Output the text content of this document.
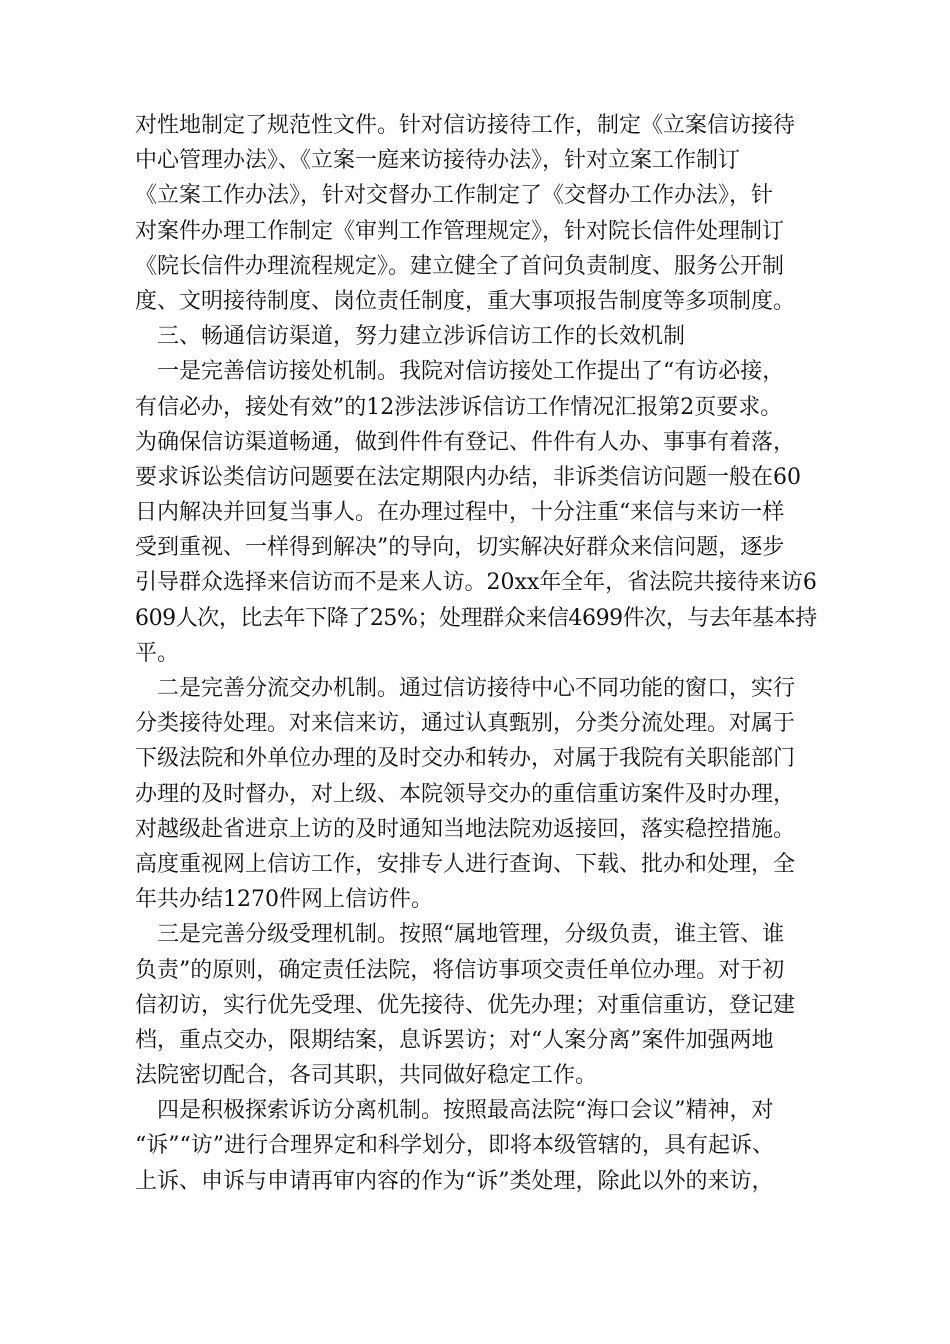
对性地制定了规范性文件。针对信访接待工作，制定《立案信访接待
中心管理办法》、《立案一庭来访接待办法》，针对立案工作制订
《立案工作办法》，针对交督办工作制定了《交督办工作办法》，针
对案件办理工作制定《审判工作管理规定》，针对院长信件处理制订
《院长信件办理流程规定》。建立健全了首问负责制度、服务公开制
度、文明接待制度、岗位责任制度，重大事项报告制度等多项制度。
三、畅通信访渠道，努力建立涉诉信访工作的长效机制
一是完善信访接处机制。我院对信访接处工作提出了“有访必接，
有信必办，接处有效”的12涉法涉诉信访工作情况汇报第2页要求。
为确保信访渠道畅通，做到件件有登记、件件有人办、事事有着落，
要求诉讼类信访问题要在法定期限内办结，非诉类信访问题一般在60
日内解决并回复当事人。在办理过程中，十分注重“来信与来访一样
受到重视、一样得到解决”的导向，切实解决好群众来信问题，逐步
引导群众选择来信访而不是来人访。20xx年全年，省法院共接待来访6
609人次，比去年下降了25%；处理群众来信4699件次，与去年基本持
平。
二是完善分流交办机制。通过信访接待中心不同功能的窗口，实行
分类接待处理。对来信来访，通过认真甄别，分类分流处理。对属于
下级法院和外单位办理的及时交办和转办，对属于我院有关职能部门
办理的及时督办，对上级、本院领导交办的重信重访案件及时办理，
对越级赴省进京上访的及时通知当地法院劝返接回，落实稳控措施。
高度重视网上信访工作，安排专人进行查询、下载、批办和处理，全
年共办结1270件网上信访件。
三是完善分级受理机制。按照“属地管理，分级负责，谁主管、谁
负责”的原则，确定责任法院，将信访事项交责任单位办理。对于初
信初访，实行优先受理、优先接待、优先办理；对重信重访，登记建
档，重点交办，限期结案，息诉罢访；对“人案分离”案件加强两地
法院密切配合，各司其职，共同做好稳定工作。
四是积极探索诉访分离机制。按照最高法院“海口会议”精神，对
“诉”“访”进行合理界定和科学划分，即将本级管辖的，具有起诉、
上诉、申诉与申请再审内容的作为“诉”类处理，除此以外的来访，
